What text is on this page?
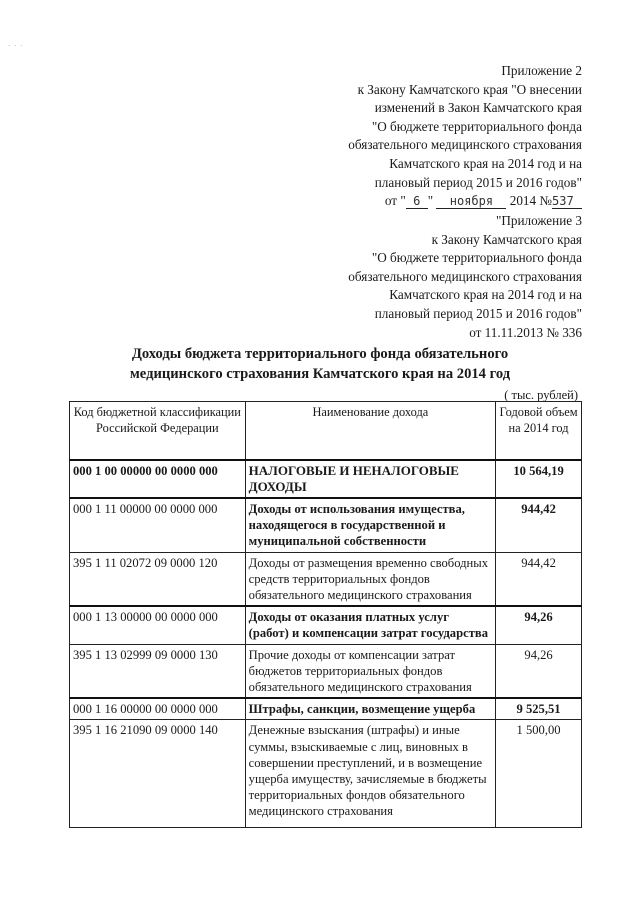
· · ·
Приложение 2
к Закону Камчатского края "О внесении
изменений в Закон Камчатского края
"О бюджете территориального фонда
обязательного медицинского страхования
Камчатского края на 2014 год и на
плановый период 2015 и 2016 годов"
от " 6 " ноября 2014 №537
"Приложение 3
к Закону Камчатского края
"О бюджете территориального фонда
обязательного медицинского страхования
Камчатского края на 2014 год и на
плановый период 2015 и 2016 годов"
от 11.11.2013 № 336
Доходы бюджета территориального фонда обязательного
медицинского страхования Камчатского края на 2014 год
( тыс. рублей)
Код бюджетной классификации Российской Федерации	Наименование дохода	Годовой объем на 2014 год
000 1 00 00000 00 0000 000	НАЛОГОВЫЕ И НЕНАЛОГОВЫЕ ДОХОДЫ	10 564,19
000 1 11 00000 00 0000 000	Доходы от использования имущества, находящегося в государственной и муниципальной собственности	944,42
395 1 11 02072 09 0000 120	Доходы от размещения временно свободных средств территориальных фондов обязательного медицинского страхования	944,42
000 1 13 00000 00 0000 000	Доходы от оказания платных услуг (работ) и компенсации затрат государства	94,26
395 1 13 02999 09 0000 130	Прочие доходы от компенсации затрат бюджетов территориальных фондов обязательного медицинского страхования	94,26
000 1 16 00000 00 0000 000	Штрафы, санкции, возмещение ущерба	9 525,51
395 1 16 21090 09 0000 140	Денежные взыскания (штрафы) и иные суммы, взыскиваемые с лиц, виновных в совершении преступлений, и в возмещение ущерба имуществу, зачисляемые в бюджеты территориальных фондов обязательного медицинского страхования	1 500,00
